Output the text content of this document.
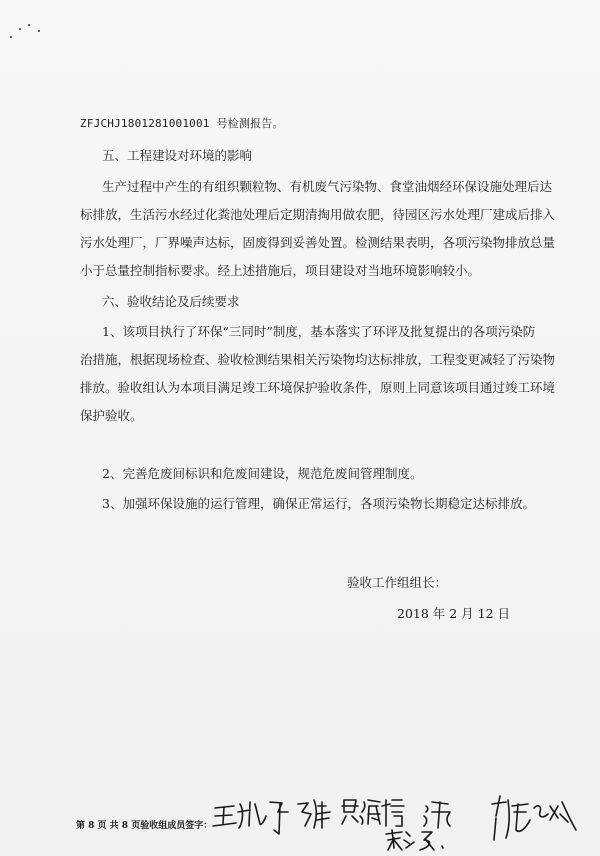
ZFJCHJ1801281001001 号检测报告。
五、工程建设对环境的影响
生产过程中产生的有组织颗粒物、有机废气污染物、食堂油烟经环保设施处理后达
标排放，生活污水经过化粪池处理后定期清掏用做农肥，待园区污水处理厂建成后排入
污水处理厂，厂界噪声达标，固废得到妥善处置。检测结果表明，各项污染物排放总量
小于总量控制指标要求。经上述措施后，项目建设对当地环境影响较小。
六、验收结论及后续要求
1、该项目执行了环保“三同时”制度，基本落实了环评及批复提出的各项污染防
治措施，根据现场检查、验收检测结果相关污染物均达标排放，工程变更减轻了污染物
排放。验收组认为本项目满足竣工环境保护验收条件，原则上同意该项目通过竣工环境
保护验收。
2、完善危废间标识和危废间建设，规范危废间管理制度。
3、加强环保设施的运行管理，确保正常运行，各项污染物长期稳定达标排放。
验收工作组组长：
2018 年 2 月 12 日
第 8 页 共 8 页验收组成员签字：
